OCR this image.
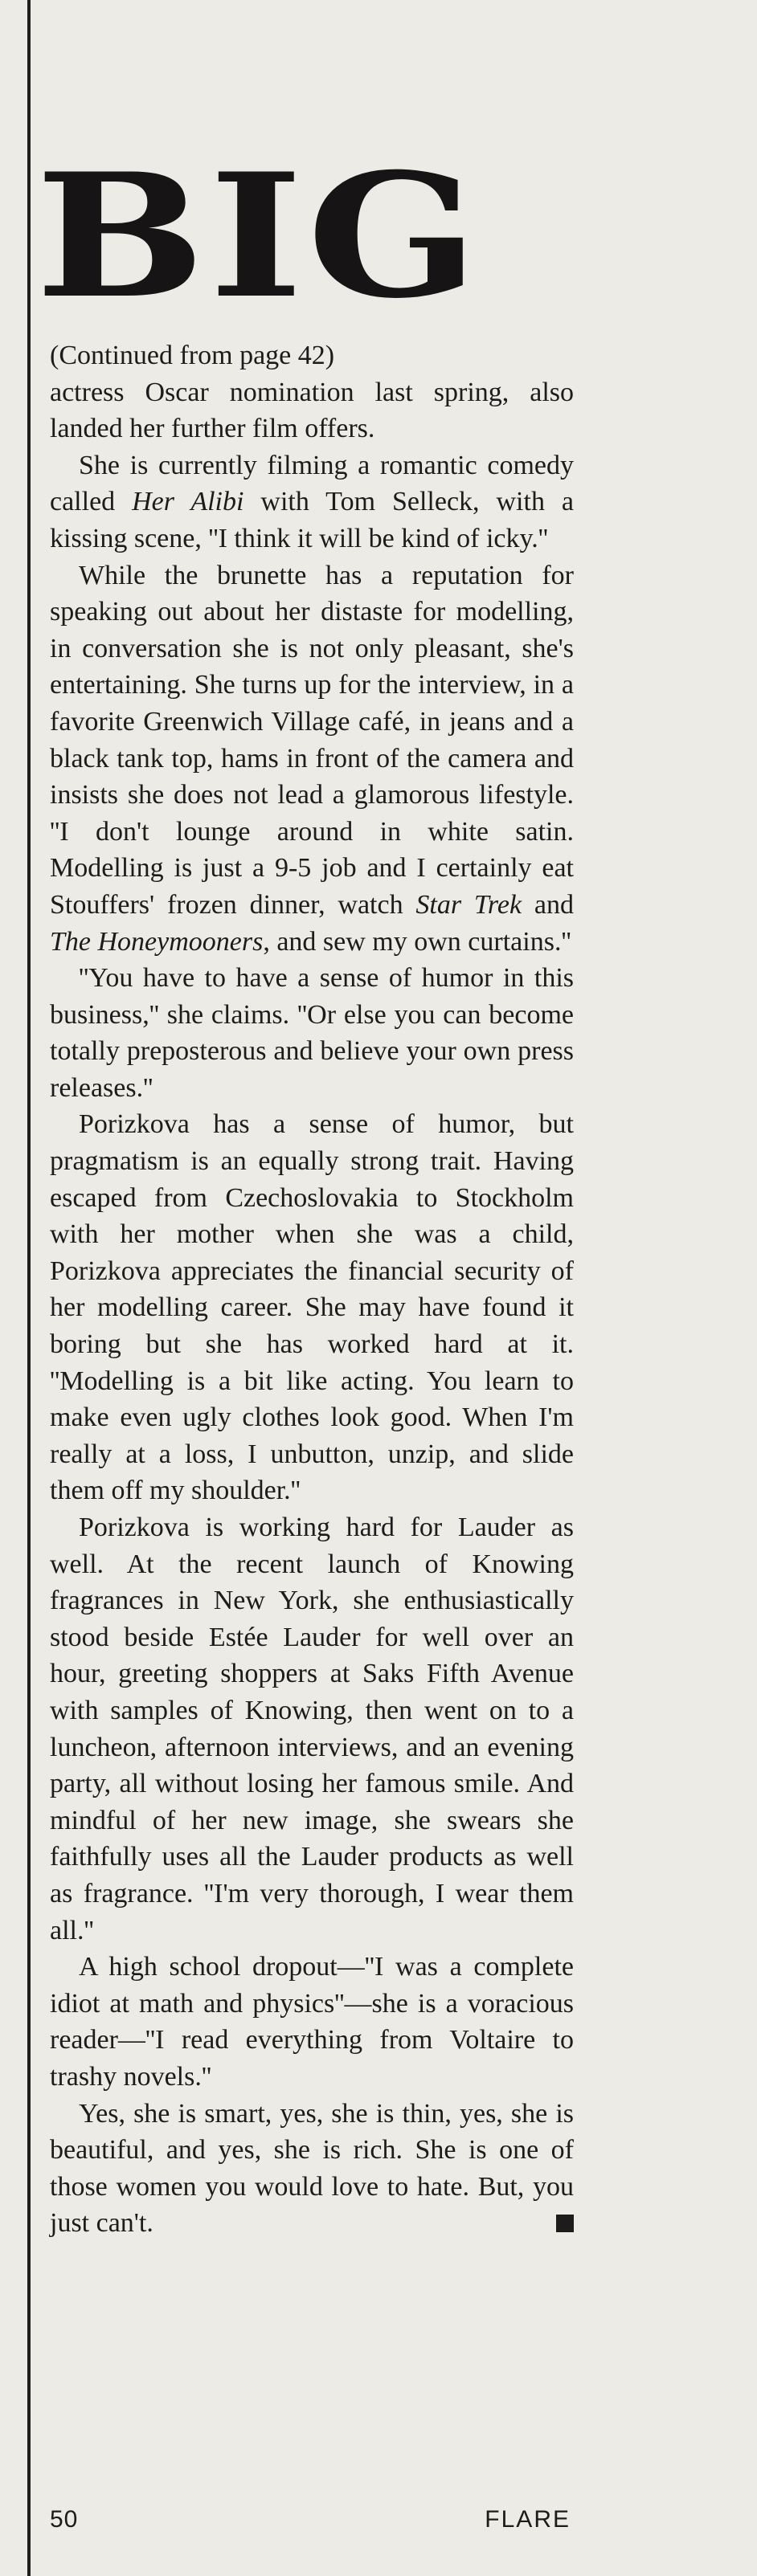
BIG

(Continued from page 42)
actress Oscar nomination last spring, also landed her further film offers.

She is currently filming a romantic comedy called Her Alibi with Tom Selleck, with a kissing scene, ''I think it will be kind of icky.''

While the brunette has a reputation for speaking out about her distaste for modelling, in conversation she is not only pleasant, she's entertaining. She turns up for the interview, in a favorite Greenwich Village café, in jeans and a black tank top, hams in front of the camera and insists she does not lead a glamorous lifestyle. ''I don't lounge around in white satin. Modelling is just a 9-5 job and I certainly eat Stouffers' frozen dinner, watch Star Trek and The Honeymooners, and sew my own curtains.''

''You have to have a sense of humor in this business,'' she claims. ''Or else you can become totally preposterous and believe your own press releases.''

Porizkova has a sense of humor, but pragmatism is an equally strong trait. Having escaped from Czechoslovakia to Stockholm with her mother when she was a child, Porizkova appreciates the financial security of her modelling career. She may have found it boring but she has worked hard at it. ''Modelling is a bit like acting. You learn to make even ugly clothes look good. When I'm really at a loss, I unbutton, unzip, and slide them off my shoulder.''

Porizkova is working hard for Lauder as well. At the recent launch of Knowing fragrances in New York, she enthusiastically stood beside Estée Lauder for well over an hour, greeting shoppers at Saks Fifth Avenue with samples of Knowing, then went on to a luncheon, afternoon interviews, and an evening party, all without losing her famous smile. And mindful of her new image, she swears she faithfully uses all the Lauder products as well as fragrance. ''I'm very thorough, I wear them all.''

A high school dropout—''I was a complete idiot at math and physics''—she is a voracious reader—''I read everything from Voltaire to trashy novels.''

Yes, she is smart, yes, she is thin, yes, she is beautiful, and yes, she is rich. She is one of those women you would love to hate. But, you just can't.

50	FLARE
